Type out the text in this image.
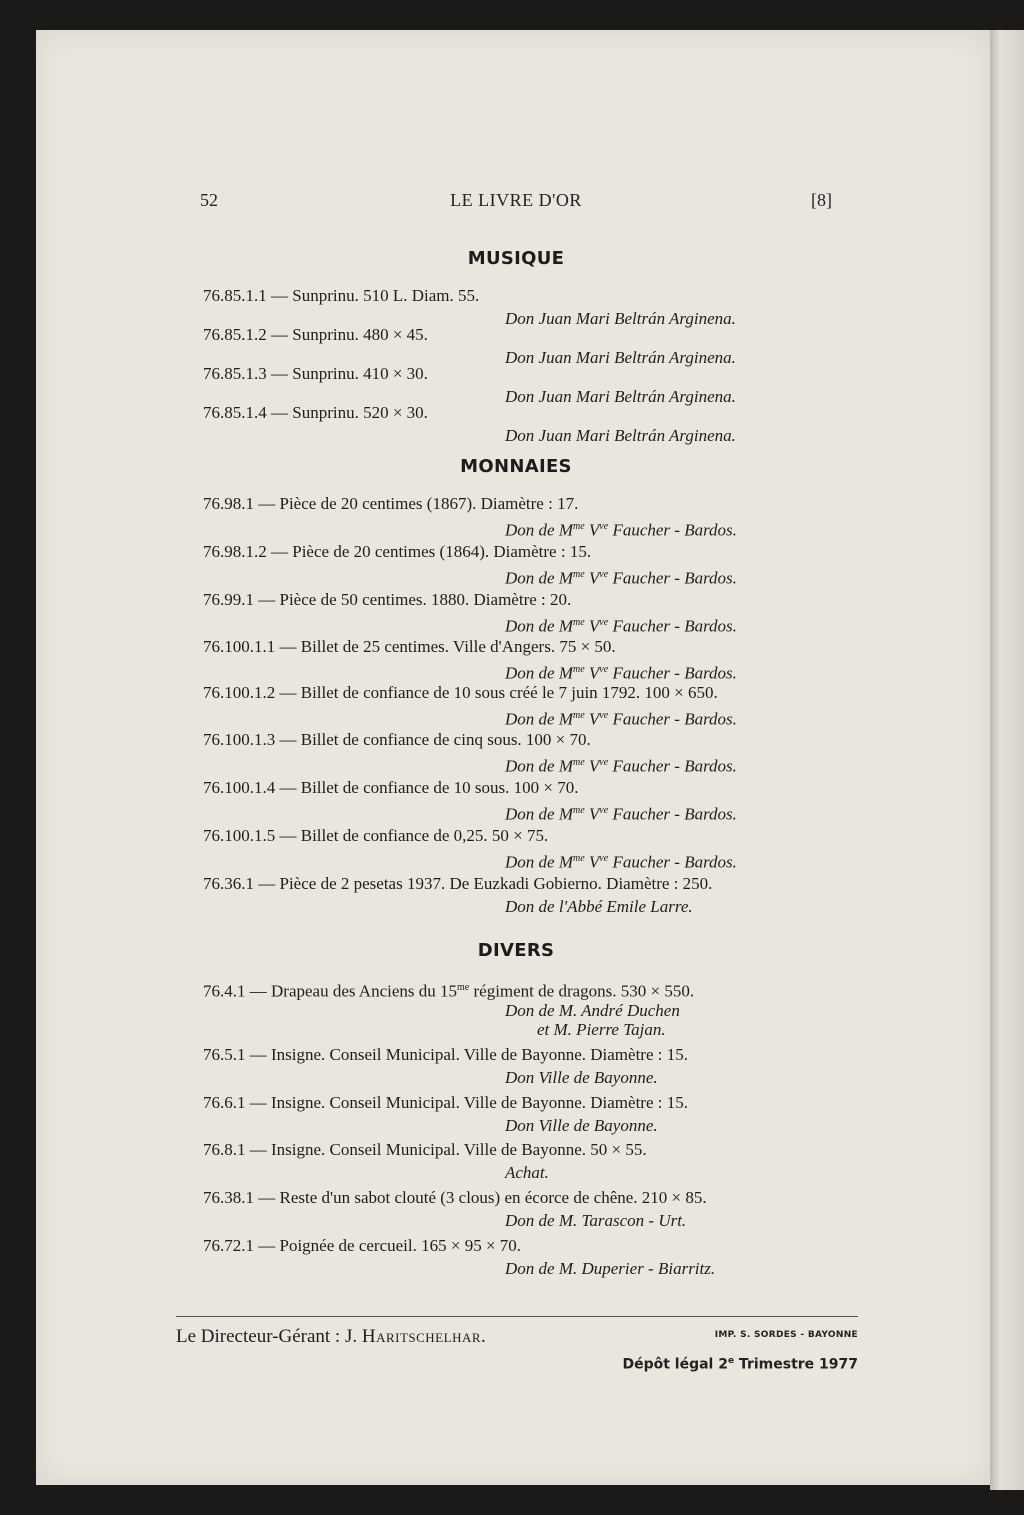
52	LE LIVRE D'OR	[8]
MUSIQUE
76.85.1.1 — Sunprinu. 510 L. Diam. 55.
Don Juan Mari Beltrán Arginena.
76.85.1.2 — Sunprinu. 480 × 45.
Don Juan Mari Beltrán Arginena.
76.85.1.3 — Sunprinu. 410 × 30.
Don Juan Mari Beltrán Arginena.
76.85.1.4 — Sunprinu. 520 × 30.
Don Juan Mari Beltrán Arginena.
MONNAIES
76.98.1 — Pièce de 20 centimes (1867). Diamètre : 17.
Don de $M^{me}$ $V^{ve}$ Faucher - Bardos.
76.98.1.2 — Pièce de 20 centimes (1864). Diamètre : 15.
Don de $M^{me}$ $V^{ve}$ Faucher - Bardos.
76.99.1 — Pièce de 50 centimes. 1880. Diamètre : 20.
Don de $M^{me}$ $V^{ve}$ Faucher - Bardos.
76.100.1.1 — Billet de 25 centimes. Ville d'Angers. 75 × 50.
Don de $M^{me}$ $V^{ve}$ Faucher - Bardos.
76.100.1.2 — Billet de confiance de 10 sous créé le 7 juin 1792. 100 × 650.
Don de $M^{me}$ $V^{ve}$ Faucher - Bardos.
76.100.1.3 — Billet de confiance de cinq sous. 100 × 70.
Don de $M^{me}$ $V^{ve}$ Faucher - Bardos.
76.100.1.4 — Billet de confiance de 10 sous. 100 × 70.
Don de $M^{me}$ $V^{ve}$ Faucher - Bardos.
76.100.1.5 — Billet de confiance de 0,25. 50 × 75.
Don de $M^{me}$ $V^{ve}$ Faucher - Bardos.
76.36.1 — Pièce de 2 pesetas 1937. De Euzkadi Gobierno. Diamètre : 250.
Don de l'Abbé Emile Larre.
DIVERS
76.4.1 — Drapeau des Anciens du $15^{me}$ régiment de dragons. 530 × 550.
Don de M. André Duchen
et M. Pierre Tajan.
76.5.1 — Insigne. Conseil Municipal. Ville de Bayonne. Diamètre : 15.
Don Ville de Bayonne.
76.6.1 — Insigne. Conseil Municipal. Ville de Bayonne. Diamètre : 15.
Don Ville de Bayonne.
76.8.1 — Insigne. Conseil Municipal. Ville de Bayonne. 50 × 55.
Achat.
76.38.1 — Reste d'un sabot clouté (3 clous) en écorce de chêne. 210 × 85.
Don de M. Tarascon - Urt.
76.72.1 — Poignée de cercueil. 165 × 95 × 70.
Don de M. Duperier - Biarritz.
Le Directeur-Gérant : J. Haritschelhar.	IMP. S. SORDES - BAYONNE
Dépôt légal 2e Trimestre 1977
